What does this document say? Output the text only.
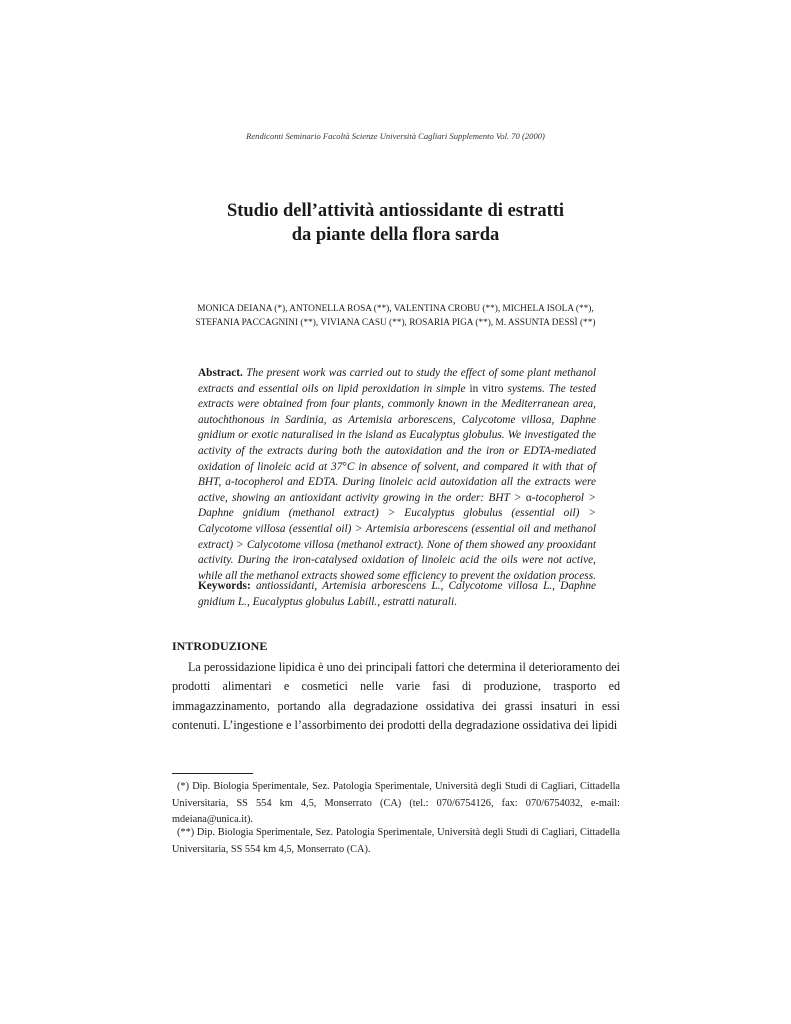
Rendiconti Seminario Facoltà Scienze Università Cagliari Supplemento Vol. 70 (2000)
Studio dell’attività antiossidante di estratti
da piante della flora sarda

MONICA DEIANA (*), ANTONELLA ROSA (**), VALENTINA CROBU (**), MICHELA ISOLA (**),
STEFANIA PACCAGNINI (**), VIVIANA CASU (**), ROSARIA PIGA (**), M. ASSUNTA DESSÌ (**)

Abstract. The present work was carried out to study the effect of some plant methanol extracts and essential oils on lipid peroxidation in simple in vitro systems. The tested extracts were obtained from four plants, commonly known in the Mediterranean area, autochthonous in Sardinia, as Artemisia arborescens, Calycotome villosa, Daphne gnidium or exotic naturalised in the island as Eucalyptus globulus. We investigated the activity of the extracts during both the autoxidation and the iron or EDTA-mediated oxidation of linoleic acid at 37°C in absence of solvent, and compared it with that of BHT, a-tocopherol and EDTA. During linoleic acid autoxidation all the extracts were active, showing an antioxidant activity growing in the order: BHT > α-tocopherol > Daphne gnidium (methanol extract) > Eucalyptus globulus (essential oil) > Calycotome villosa (essential oil) > Artemisia arborescens (essential oil and methanol extract) > Calycotome villosa (methanol extract). None of them showed any prooxidant activity. During the iron-catalysed oxidation of linoleic acid the oils were not active, while all the methanol extracts showed some efficiency to prevent the oxidation process.

Keywords: antiossidanti, Artemisia arborescens L., Calycotome villosa L., Daphne gnidium L., Eucalyptus globulus Labill., estratti naturali.

INTRODUZIONE

La perossidazione lipidica è uno dei principali fattori che determina il deterioramento dei prodotti alimentari e cosmetici nelle varie fasi di produzione, trasporto ed immagazzinamento, portando alla degradazione ossidativa dei grassi insaturi in essi contenuti. L’ingestione e l’assorbimento dei prodotti della degradazione ossidativa dei lipidi

(*) Dip. Biologia Sperimentale, Sez. Patologia Sperimentale, Università degli Studi di Cagliari, Cittadella Universitaria, SS 554 km 4,5, Monserrato (CA) (tel.: 070/6754126, fax: 070/6754032, e-mail: mdeiana@unica.it).

(**) Dip. Biologia Sperimentale, Sez. Patologia Sperimentale, Università degli Studi di Cagliari, Cittadella Universitaria, SS 554 km 4,5, Monserrato (CA).
